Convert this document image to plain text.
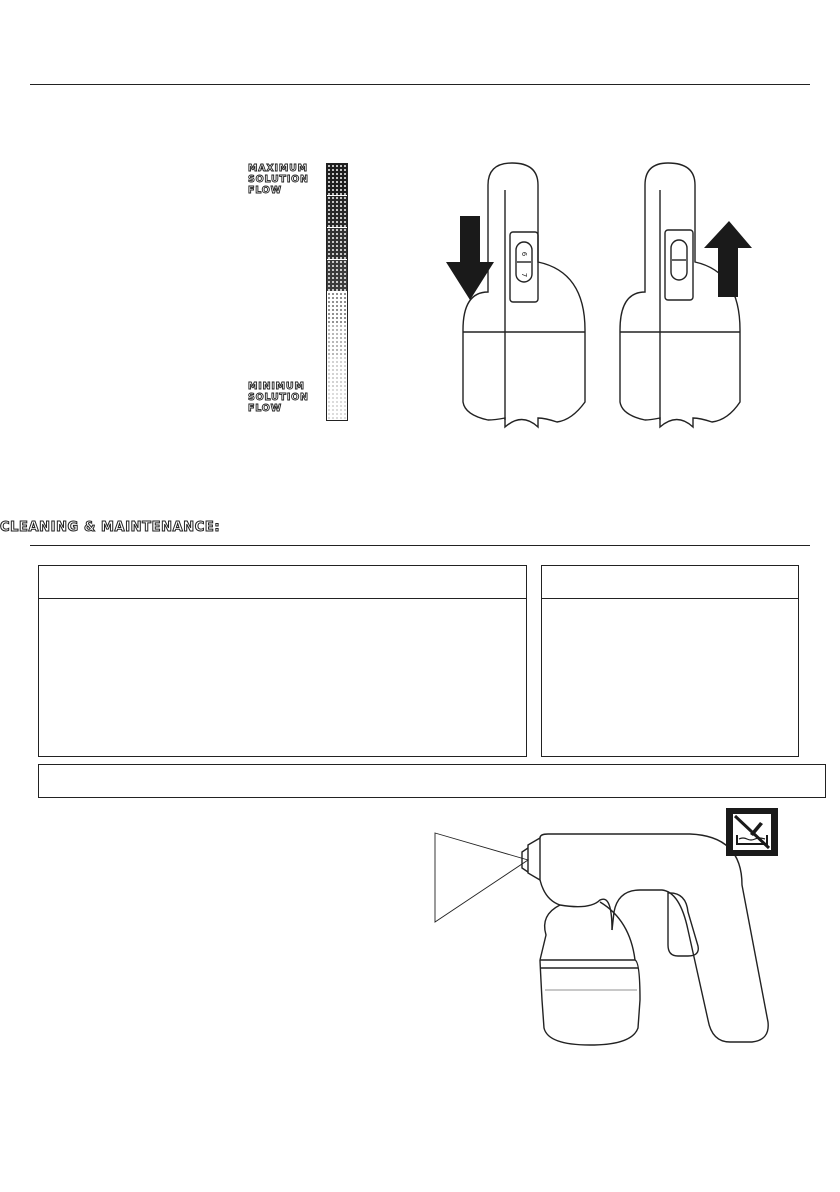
MAXIMUM
SOLUTION
FLOW
MINIMUM
SOLUTION
FLOW
6
7
CLEANING & MAINTENANCE:
